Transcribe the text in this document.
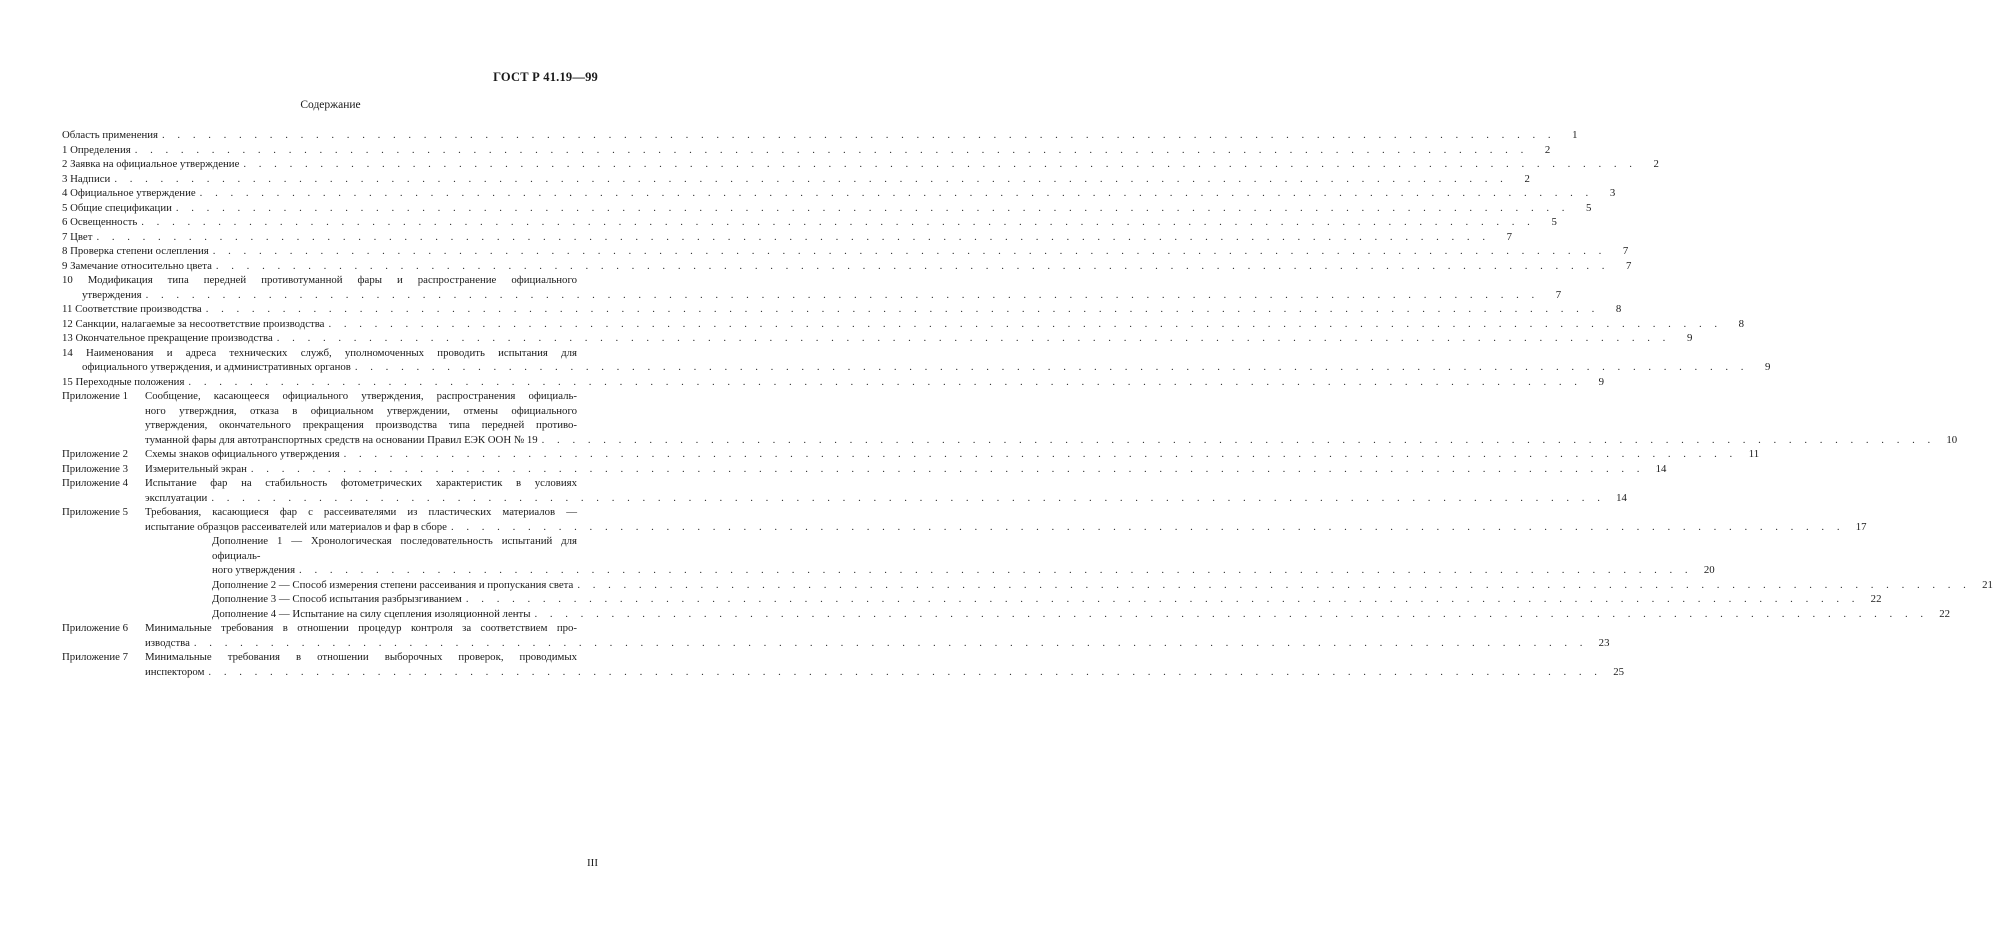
ГОСТ Р 41.19—99
Содержание
Область применения . . . . . . . . . . . . . . . . . . . . . . . . . . . . . . . . . . . . . . . . . . . . . . . . . . . . . . . . . . . . . . . . . . . . . . . . . . . . . . . . . . . . . . . . . . .	1
1 Определения . . . . . . . . . . . . . . . . . . . . . . . . . . . . . . . . . . . . . . . . . . . . . . . . . . . . . . . . . . . . . . . . . . . . . . . . . . . . . . . . . . . . . . . . . . .	2
2 Заявка на официальное утверждение . . . . . . . . . . . . . . . . . . . . . . . . . . . . . . . . . . . . . . . . . . . . . . . . . . . . . . . . . . . . . . . . . . . . . . . . . . . . . . . . . . . . . . . . . . .	2
3 Надписи . . . . . . . . . . . . . . . . . . . . . . . . . . . . . . . . . . . . . . . . . . . . . . . . . . . . . . . . . . . . . . . . . . . . . . . . . . . . . . . . . . . . . . . . . . .	2
4 Официальное утверждение . . . . . . . . . . . . . . . . . . . . . . . . . . . . . . . . . . . . . . . . . . . . . . . . . . . . . . . . . . . . . . . . . . . . . . . . . . . . . . . . . . . . . . . . . . .	3
5 Общие спецификации . . . . . . . . . . . . . . . . . . . . . . . . . . . . . . . . . . . . . . . . . . . . . . . . . . . . . . . . . . . . . . . . . . . . . . . . . . . . . . . . . . . . . . . . . . .	5
6 Освещенность . . . . . . . . . . . . . . . . . . . . . . . . . . . . . . . . . . . . . . . . . . . . . . . . . . . . . . . . . . . . . . . . . . . . . . . . . . . . . . . . . . . . . . . . . . .	5
7 Цвет . . . . . . . . . . . . . . . . . . . . . . . . . . . . . . . . . . . . . . . . . . . . . . . . . . . . . . . . . . . . . . . . . . . . . . . . . . . . . . . . . . . . . . . . . . .	7
8 Проверка степени ослепления . . . . . . . . . . . . . . . . . . . . . . . . . . . . . . . . . . . . . . . . . . . . . . . . . . . . . . . . . . . . . . . . . . . . . . . . . . . . . . . . . . . . . . . . . . .	7
9 Замечание относительно цвета . . . . . . . . . . . . . . . . . . . . . . . . . . . . . . . . . . . . . . . . . . . . . . . . . . . . . . . . . . . . . . . . . . . . . . . . . . . . . . . . . . . . . . . . . . .	7
10 Модификация типа передней противотуманной фары и распространение официального
утверждения . . . . . . . . . . . . . . . . . . . . . . . . . . . . . . . . . . . . . . . . . . . . . . . . . . . . . . . . . . . . . . . . . . . . . . . . . . . . . . . . . . . . . . . . . . .	7
11 Соответствие производства . . . . . . . . . . . . . . . . . . . . . . . . . . . . . . . . . . . . . . . . . . . . . . . . . . . . . . . . . . . . . . . . . . . . . . . . . . . . . . . . . . . . . . . . . . .	8
12 Санкции, налагаемые за несоответствие производства . . . . . . . . . . . . . . . . . . . . . . . . . . . . . . . . . . . . . . . . . . . . . . . . . . . . . . . . . . . . . . . . . . . . . . . . . . . . . . . . . . . . . . . . . . .	8
13 Окончательное прекращение производства . . . . . . . . . . . . . . . . . . . . . . . . . . . . . . . . . . . . . . . . . . . . . . . . . . . . . . . . . . . . . . . . . . . . . . . . . . . . . . . . . . . . . . . . . . .	9
14 Наименования и адреса технических служб, уполномоченных проводить испытания для
официального утверждения, и административных органов . . . . . . . . . . . . . . . . . . . . . . . . . . . . . . . . . . . . . . . . . . . . . . . . . . . . . . . . . . . . . . . . . . . . . . . . . . . . . . . . . . . . . . . . . . .	9
15 Переходные положения . . . . . . . . . . . . . . . . . . . . . . . . . . . . . . . . . . . . . . . . . . . . . . . . . . . . . . . . . . . . . . . . . . . . . . . . . . . . . . . . . . . . . . . . . . .	9
Приложение 1	Сообщение, касающееся официального утверждения, распространения официаль-
ного утверждния, отказа в официальном утверждении, отмены официального
утверждения, окончательного прекращения производства типа передней противо-
туманной фары для автотранспортных средств на основании Правил ЕЭК ООН № 19 . . . . . . . . . . . . . . . . . . . . . . . . . . . . . . . . . . . . . . . . . . . . . . . . . . . . . . . . . . . . . . . . . . . . . . . . . . . . . . . . . . . . . . . . . . .	10
Приложение 2	Схемы знаков официального утверждения . . . . . . . . . . . . . . . . . . . . . . . . . . . . . . . . . . . . . . . . . . . . . . . . . . . . . . . . . . . . . . . . . . . . . . . . . . . . . . . . . . . . . . . . . . .	11
Приложение 3	Измерительный экран . . . . . . . . . . . . . . . . . . . . . . . . . . . . . . . . . . . . . . . . . . . . . . . . . . . . . . . . . . . . . . . . . . . . . . . . . . . . . . . . . . . . . . . . . . .	14
Приложение 4	Испытание фар на стабильность фотометрических характеристик в условиях
эксплуатации . . . . . . . . . . . . . . . . . . . . . . . . . . . . . . . . . . . . . . . . . . . . . . . . . . . . . . . . . . . . . . . . . . . . . . . . . . . . . . . . . . . . . . . . . . .	14
Приложение 5	Требования, касающиеся фар с рассеивателями из пластических материалов —
испытание образцов рассеивателей или материалов и фар в сборе . . . . . . . . . . . . . . . . . . . . . . . . . . . . . . . . . . . . . . . . . . . . . . . . . . . . . . . . . . . . . . . . . . . . . . . . . . . . . . . . . . . . . . . . . . .	17
Дополнение 1 — Хронологическая последовательность испытаний для официаль-
ного утверждения . . . . . . . . . . . . . . . . . . . . . . . . . . . . . . . . . . . . . . . . . . . . . . . . . . . . . . . . . . . . . . . . . . . . . . . . . . . . . . . . . . . . . . . . . . .	20
Дополнение 2 — Способ измерения степени рассеивания и пропускания света . . . . . . . . . . . . . . . . . . . . . . . . . . . . . . . . . . . . . . . . . . . . . . . . . . . . . . . . . . . . . . . . . . . . . . . . . . . . . . . . . . . . . . . . . . .	21
Дополнение 3 — Способ испытания разбрызгиванием . . . . . . . . . . . . . . . . . . . . . . . . . . . . . . . . . . . . . . . . . . . . . . . . . . . . . . . . . . . . . . . . . . . . . . . . . . . . . . . . . . . . . . . . . . .	22
Дополнение 4 — Испытание на силу сцепления изоляционной ленты . . . . . . . . . . . . . . . . . . . . . . . . . . . . . . . . . . . . . . . . . . . . . . . . . . . . . . . . . . . . . . . . . . . . . . . . . . . . . . . . . . . . . . . . . . .	22
Приложение 6	Минимальные требования в отношении процедур контроля за соответствием про-
изводства . . . . . . . . . . . . . . . . . . . . . . . . . . . . . . . . . . . . . . . . . . . . . . . . . . . . . . . . . . . . . . . . . . . . . . . . . . . . . . . . . . . . . . . . . . .	23
Приложение 7	Минимальные требования в отношении выборочных проверок, проводимых
инспектором . . . . . . . . . . . . . . . . . . . . . . . . . . . . . . . . . . . . . . . . . . . . . . . . . . . . . . . . . . . . . . . . . . . . . . . . . . . . . . . . . . . . . . . . . . .	25
III
